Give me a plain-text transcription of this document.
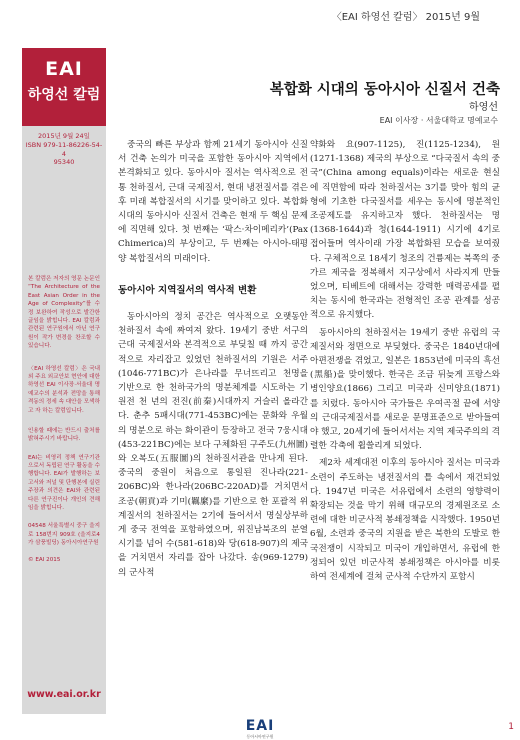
〈EAI 하영선 칼럼〉 2015년 9월
EAI
하영선 칼럼
2015년 9월 24일
ISBN 979-11-86226-54-4
95340

본 칼럼은 저자의 영문 논문인 “The Architecture of the East Asian Order in the Age of Complexity”를 수정 보완하여 작성으로 발간한 글임을 밝힙니다. EAI 칼럼과 관련된 연구원에서 아닌 연구원이 작가 변경을 찬조할 수 있습니다.

〈EAI 하영선 칼럼〉은 국내외 주요 외교안보 현안에 대한 하영선 EAI 이사장·서울대 명예교수의 분석과 전망을 통해 격동의 정세 속 대안을 모색하고 자 하는 칼럼입니다.

인용할 때에는 반드시 출처를 밝혀주시기 바랍니다.

EAI는 비영리 정책 연구기관으로서 독립된 연구 활동을 수행합니다. EAI가 발행하는 보고서와 저널 및 단행본에 실린 주장과 의견은 EAI와 관련된 다른 연구진이나 개인의 견해임을 밝힙니다.

04548 서울특별시 중구 을지로 158번지 909호 (을지로4가 삼풍빌딩) 동아시아연구원

© EAI 2015

www.eai.or.kr
복합화 시대의 동아시아 신질서 건축
하영선
EAI 이사장 · 서울대학교 명예교수

중국의 빠른 부상과 함께 21세기 동아시아 신질서 건축 논의가 미국을 포함한 동아시아 지역에서 본격화되고 있다. 동아시아 질서는 역사적으로 전통 천하질서, 근대 국제질서, 현대 냉전질서를 겪은 후 미래 복합질서의 시기를 맞이하고 있다. 복합화 시대의 동아시아 신질서 건축은 현재 두 핵심 문제에 직면해 있다. 첫 번째는 ‘팍스·차이메리카’(Pax Chimerica)의 부상이고, 두 번째는 아시아-태평양 복합질서의 미래이다.

동아시아 지역질서의 역사적 변환

동아시아의 정치 공간은 역사적으로 오랫동안 천하질서 속에 짜여져 왔다. 19세기 중반 서구의 근대 국제질서와 본격적으로 부딪칠 때 까지 공간적으로 자리잡고 있었던 천하질서의 기원은 서주(1046-771BC)가 은나라를 무너뜨리고 천명을 기반으로 한 천하국가의 명분체계를 시도하는 기원전 천 년의 전진(前秦)시대까지 거슬러 올라간다. 춘추 5패시대(771-453BC)에는 문화와 우월의 명분으로 하는 화이관이 등장하고 전국 7웅시대(453-221BC)에는 보다 구체화된 구주도(九州圖)와 오복도(五服圖)의 천하질서관을 만나게 된다. 중국의 중원이 처음으로 통일된 진나라(221-206BC)와 한나라(206BC-220AD)를 거치면서 조공(朝貢)과 기미(羈縻)를 기반으로 한 포괄적 위계질서의 천하질서는 2기에 들어서서 명실상부하게 중국 전역을 포함하였으며, 위진남북조의 분열시기를 넘어 수(581-618)와 당(618-907)의 제국을 거치면서 자리를 잡아 나갔다. 송(969-1279)의 군사적

약화와 요(907-1125), 진(1125-1234), 원(1271-1368) 제국의 부상으로 “다국질서 속의 중국”(China among equals)이라는 새로운 현실에 직면함에 따라 천하질서는 3기를 맞아 힘의 균형에 기초한 다국질서를 세우는 동시에 명분적인 조공제도를 유지하고자 했다. 천하질서는 명(1368-1644)과 청(1644-1911) 시기에 4기로 접어들며 역사이래 가장 복합화된 모습을 보여줬다. 구체적으로 18세기 청조의 건륭제는 북쪽의 중가르 제국을 정복해서 지구상에서 사라지게 만들었으며, 티베트에 대해서는 강력한 매력공세를 펼치는 동시에 한국과는 전형적인 조공 관계를 성공적으로 유지했다.

동아시아의 천하질서는 19세기 중반 유럽의 국제질서와 정면으로 부딪혔다. 중국은 1840년대에 아편전쟁을 겪었고, 일본은 1853년에 미국의 흑선(黑船)을 맞이했다. 한국은 조금 뒤늦게 프랑스와 병인양요(1866) 그리고 미국과 신미양요(1871)를 치렀다. 동아시아 국가들은 우여곡절 끝에 서양의 근대국제질서를 새로운 문명표준으로 받아들여야 했고, 20세기에 들어서서는 지역 제국주의의 격렬한 각축에 휩쓸리게 되었다.

제2차 세계대전 이후의 동아시아 질서는 미국과 소련이 주도하는 냉전질서의 틀 속에서 재건되었다. 1947년 미국은 서유럽에서 소련의 영향력이 확장되는 것을 막기 위해 대규모의 경제원조로 소련에 대한 비군사적 봉쇄정책을 시작했다. 1950년 6월, 소련과 중국의 지원을 받은 북한의 도발로 한국전쟁이 시작되고 미국이 개입하면서, 유럽에 한정되어 있던 비군사적 봉쇄정책은 아시아를 비롯하여 전세계에 걸쳐 군사적 수단까지 포함시

EAI
동아시아연구원
1
